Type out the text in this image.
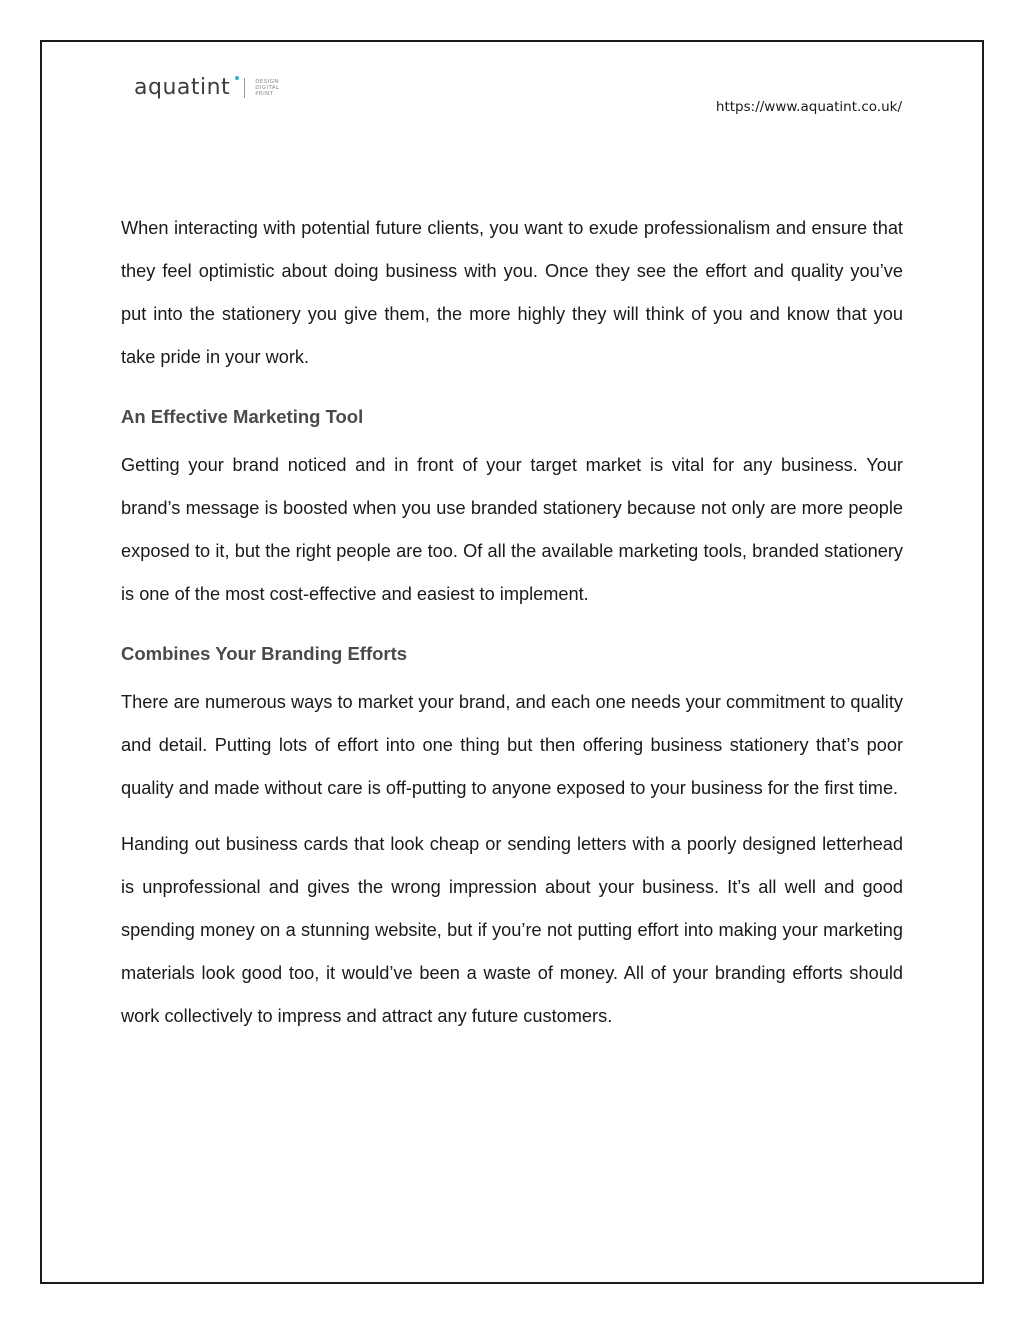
aquatint	DESIGN
DIGITAL
PRINT
https://www.aquatint.co.uk/

When interacting with potential future clients, you want to exude professionalism and ensure that they feel optimistic about doing business with you. Once they see the effort and quality you’ve put into the stationery you give them, the more highly they will think of you and know that you take pride in your work.

An Effective Marketing Tool

Getting your brand noticed and in front of your target market is vital for any business. Your brand’s message is boosted when you use branded stationery because not only are more people exposed to it, but the right people are too. Of all the available marketing tools, branded stationery is one of the most cost-effective and easiest to implement.

Combines Your Branding Efforts

There are numerous ways to market your brand, and each one needs your commitment to quality and detail. Putting lots of effort into one thing but then offering business stationery that’s poor quality and made without care is off-putting to anyone exposed to your business for the first time.

Handing out business cards that look cheap or sending letters with a poorly designed letterhead is unprofessional and gives the wrong impression about your business. It’s all well and good spending money on a stunning website, but if you’re not putting effort into making your marketing materials look good too, it would’ve been a waste of money. All of your branding efforts should work collectively to impress and attract any future customers.
